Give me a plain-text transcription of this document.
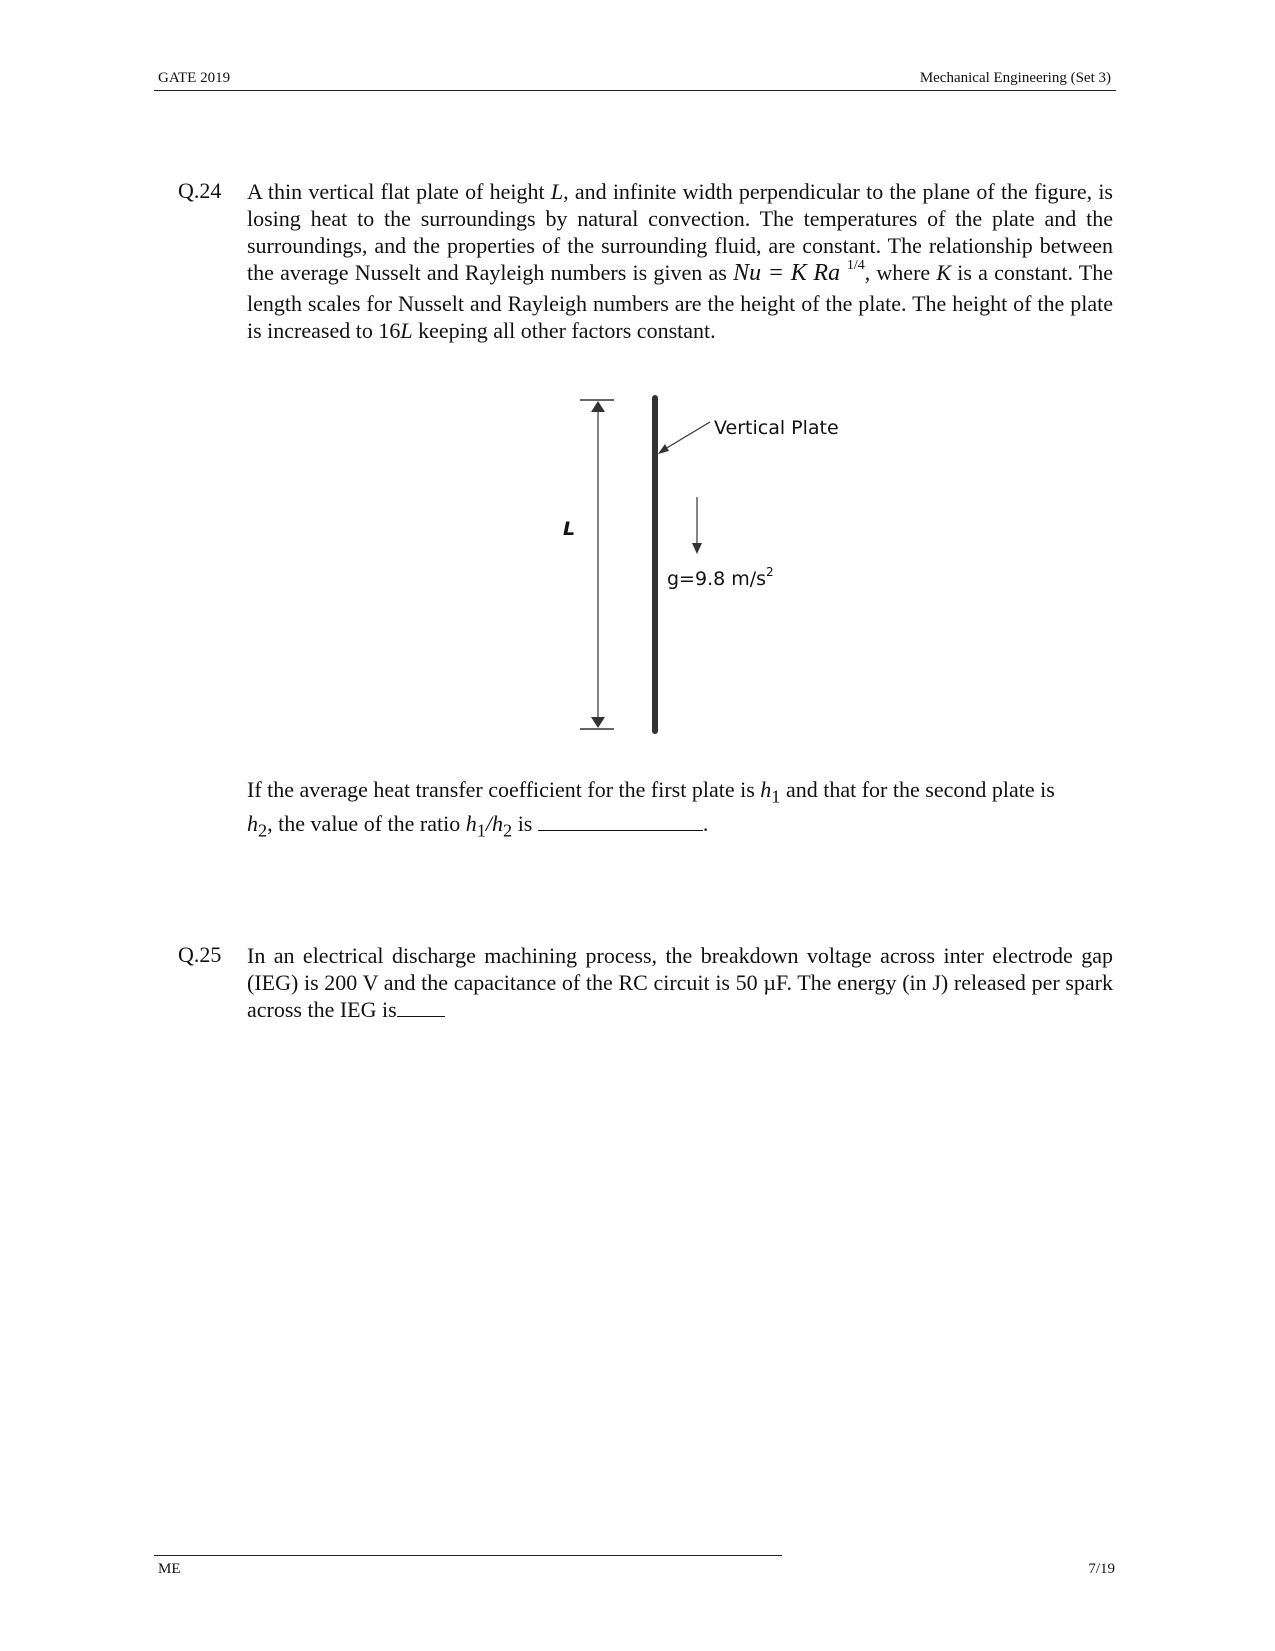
GATE 2019	Mechanical Engineering (Set 3)
Q.24 A thin vertical flat plate of height L, and infinite width perpendicular to the plane of the figure, is losing heat to the surroundings by natural convection. The temperatures of the plate and the surroundings, and the properties of the surrounding fluid, are constant. The relationship between the average Nusselt and Rayleigh numbers is given as Nu = K Ra $^{1/4}$, where K is a constant. The length scales for Nusselt and Rayleigh numbers are the height of the plate. The height of the plate is increased to 16L keeping all other factors constant.

Vertical Plate
L
g=9.8 $m/s^2$

If the average heat transfer coefficient for the first plate is $h_1$ and that for the second plate is
$h_2$, the value of the ratio $h_1/h_2$ is	.

Q.25 In an electrical discharge machining process, the breakdown voltage across inter electrode gap (IEG) is 200 V and the capacitance of the RC circuit is 50 µF. The energy (in J) released per spark across the IEG is

ME	7/19
